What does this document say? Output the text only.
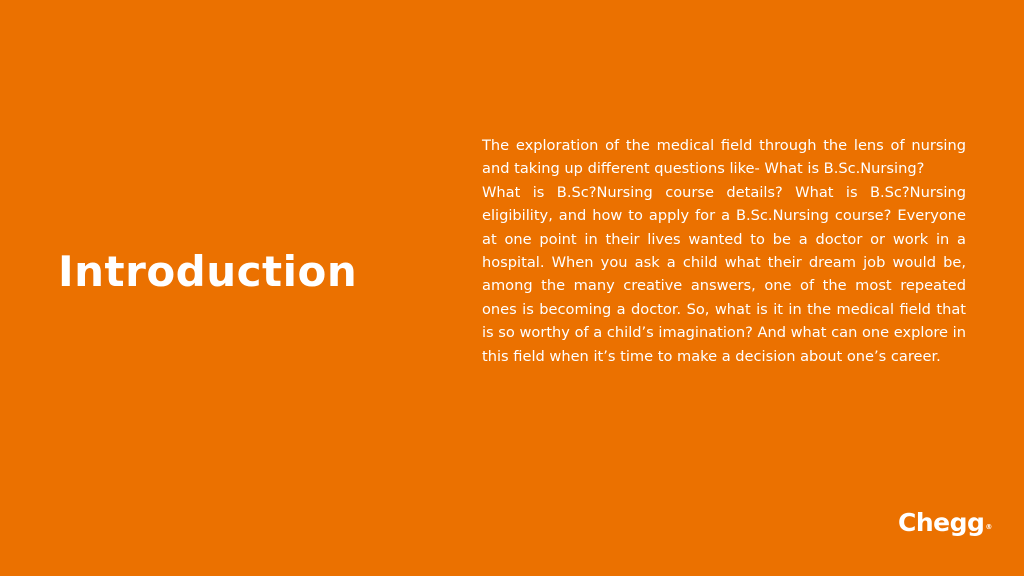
Introduction

The exploration of the medical field through the lens of nursing and taking up different questions like- What is B.Sc.Nursing?

What is B.Sc?Nursing course details? What is B.Sc?Nursing eligibility, and how to apply for a B.Sc.Nursing course? Everyone at one point in their lives wanted to be a doctor or work in a hospital. When you ask a child what their dream job would be, among the many creative answers, one of the most repeated ones is becoming a doctor. So, what is it in the medical field that is so worthy of a child’s imagination? And what can one explore in this field when it’s time to make a decision about one’s career.

Chegg®
